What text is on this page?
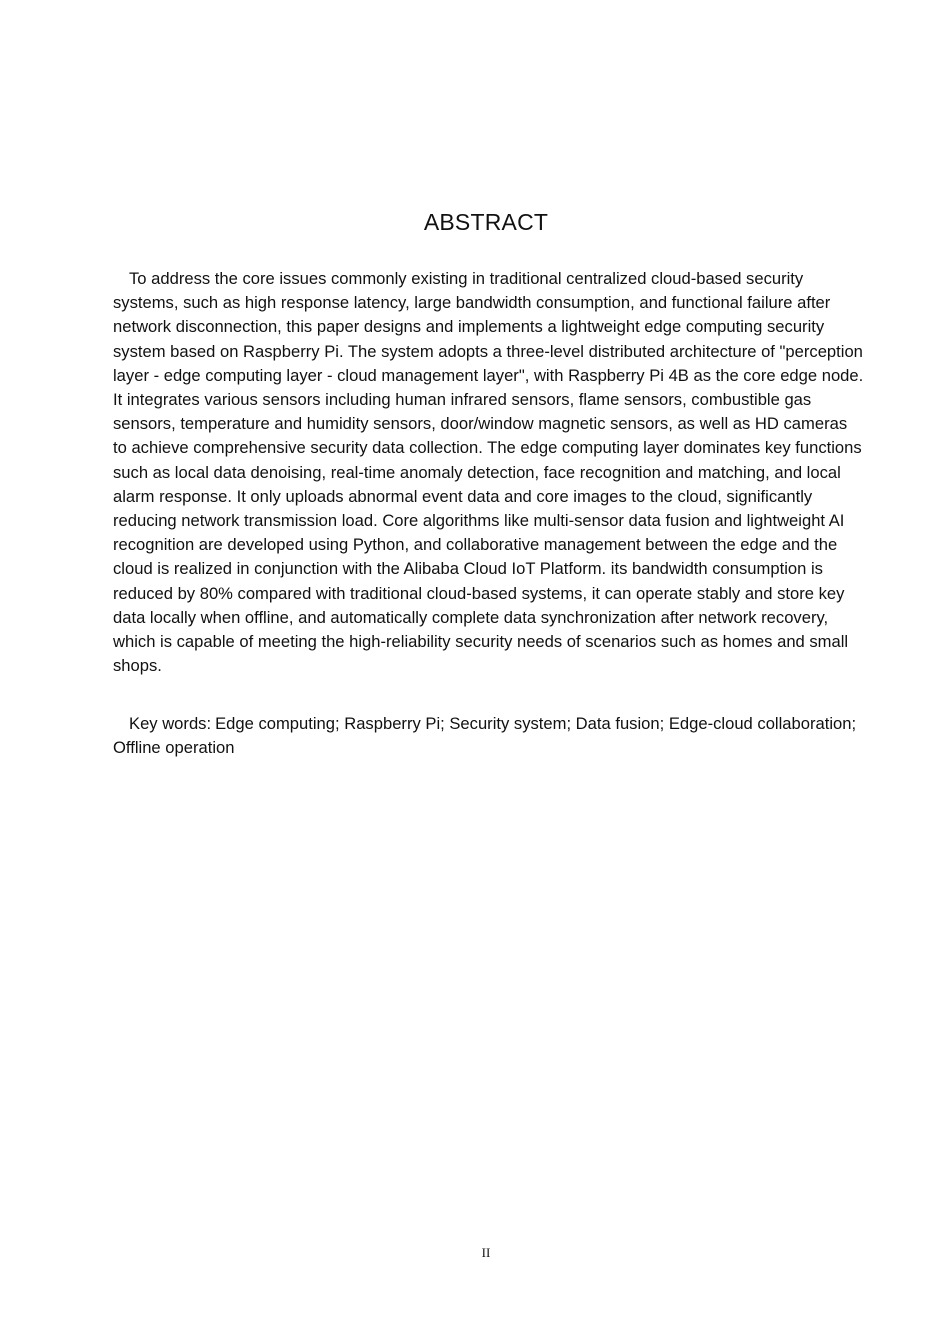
ABSTRACT

To address the core issues commonly existing in traditional centralized cloud-based security systems, such as high response latency, large bandwidth consumption, and functional failure after network disconnection, this paper designs and implements a lightweight edge computing security system based on Raspberry Pi. The system adopts a three-level distributed architecture of "perception layer - edge computing layer - cloud management layer", with Raspberry Pi 4B as the core edge node. It integrates various sensors including human infrared sensors, flame sensors, combustible gas sensors, temperature and humidity sensors, door/window magnetic sensors, as well as HD cameras to achieve comprehensive security data collection. The edge computing layer dominates key functions such as local data denoising, real-time anomaly detection, face recognition and matching, and local alarm response. It only uploads abnormal event data and core images to the cloud, significantly reducing network transmission load. Core algorithms like multi-sensor data fusion and lightweight AI recognition are developed using Python, and collaborative management between the edge and the cloud is realized in conjunction with the Alibaba Cloud IoT Platform. its bandwidth consumption is reduced by 80% compared with traditional cloud-based systems, it can operate stably and store key data locally when offline, and automatically complete data synchronization after network recovery, which is capable of meeting the high-reliability security needs of scenarios such as homes and small shops.

Key words: Edge computing; Raspberry Pi; Security system; Data fusion; Edge-cloud collaboration; Offline operation

II
